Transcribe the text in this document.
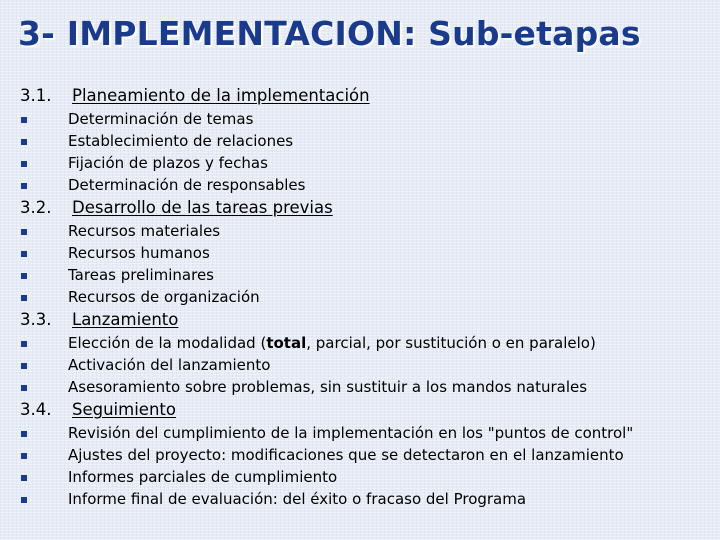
3- IMPLEMENTACION: Sub-etapas
3.1. Planeamiento de la implementación
Determinación de temas
Establecimiento de relaciones
Fijación de plazos y fechas
Determinación de responsables
3.2. Desarrollo de las tareas previas
Recursos materiales
Recursos humanos
Tareas preliminares
Recursos de organización
3.3. Lanzamiento
Elección de la modalidad (total, parcial, por sustitución o en paralelo)
Activación del lanzamiento
Asesoramiento sobre problemas, sin sustituir a los mandos naturales
3.4. Seguimiento
Revisión del cumplimiento de la implementación en los "puntos de control"
Ajustes del proyecto: modificaciones que se detectaron en el lanzamiento
Informes parciales de cumplimiento
Informe final de evaluación: del éxito o fracaso del Programa
